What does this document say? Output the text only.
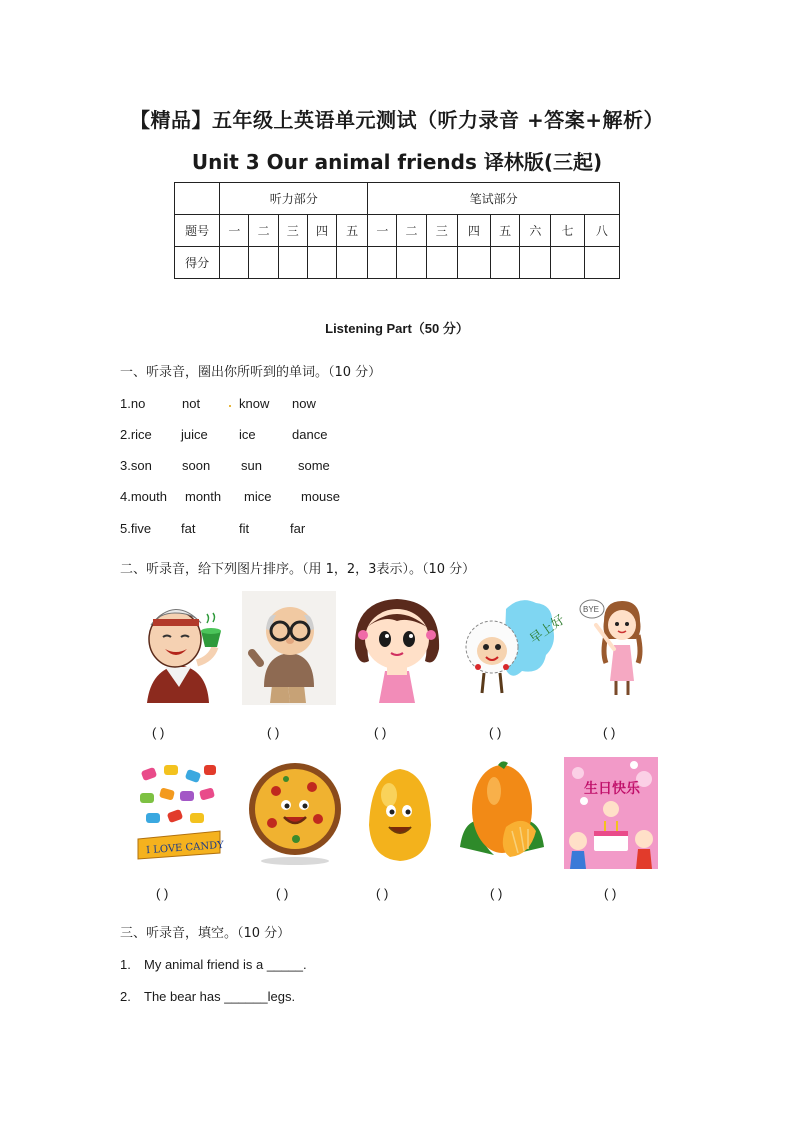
【精品】五年级上英语单元测试（听力录音 +答案+解析）
Unit 3 Our animal friends 译林版(三起)
	听力部分					笔试部分							
题号	一	二	三	四	五	一	二	三	四	五	六	七	八
得分													
Listening Part（50 分）
一、听录音，圈出你所听到的单词。（10 分）
1.no	not	know now
2.rice juice ice	dance
3.son soon sun	some
4.mouth month mice mouse
5.five fat	fit	far
二、听录音，给下列图片排序。（用 1，2，3表示）。（10 分）
早上好
BYE
( )	( )	( )	( )	( )
I LOVE CANDY
生日快乐
( )	( )	( )	( )	( )
三、听录音，填空。（10 分）
1. My animal friend is a _____.
2. The bear has ______legs.
